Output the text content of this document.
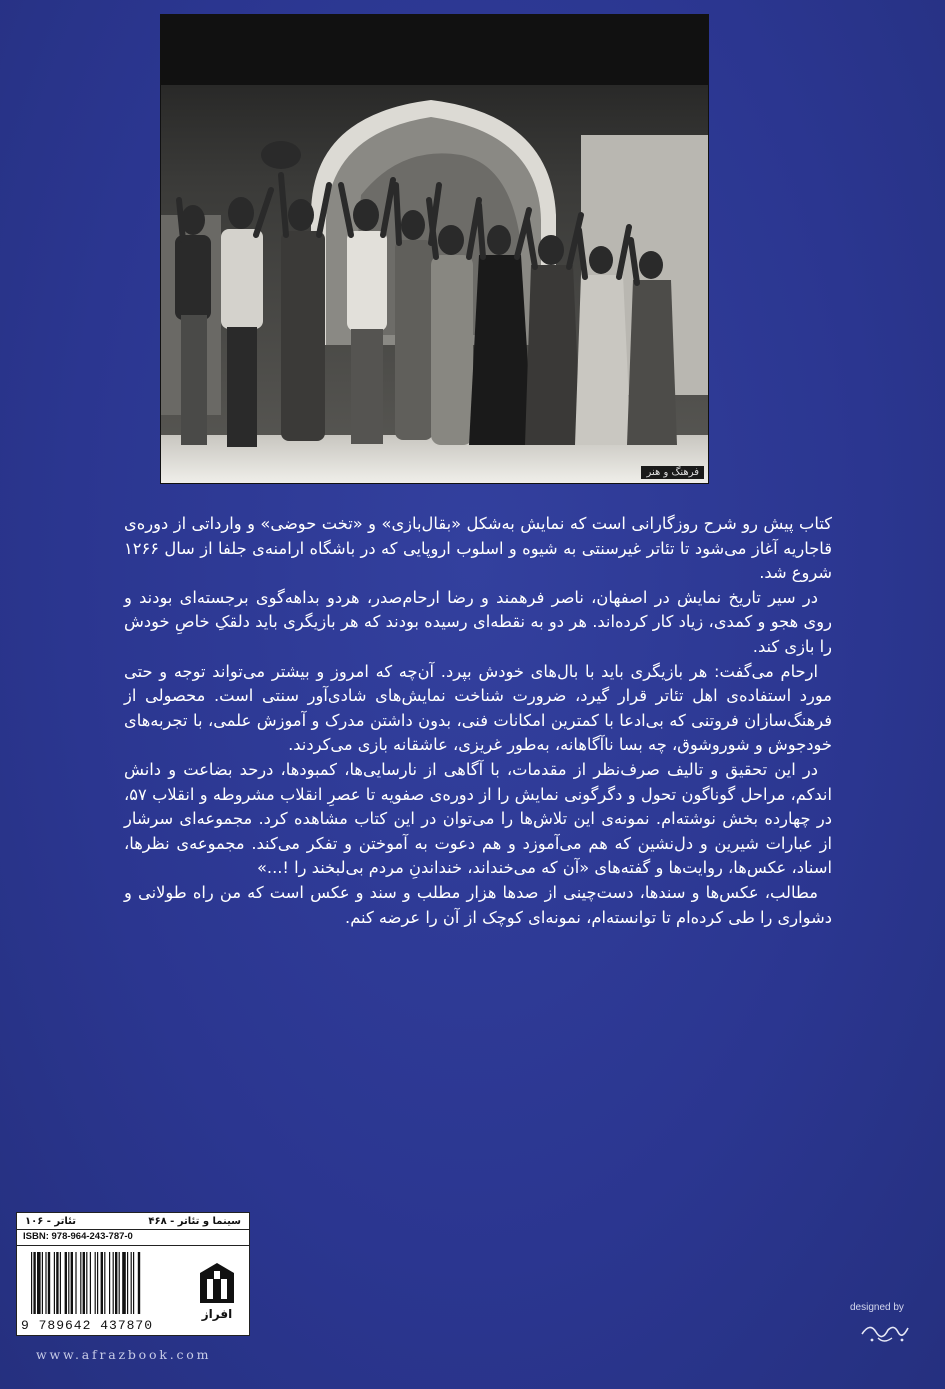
فرهنگ و هنر

کتاب پیش رو شرح روزگارانی است که نمایش به‌شکل «بقال‌بازی» و «تخت حوضی» و وارداتی از دوره‌ی قاجاریه آغاز می‌شود تا تئاتر غیرسنتی به شیوه و اسلوب اروپایی که در باشگاه ارامنه‌ی جلفا از سال ۱۲۶۶ شروع شد.

در سیر تاریخ نمایش در اصفهان، ناصر فرهمند و رضا ارحام‌صدر، هردو بداهه‌گوی برجسته‌ای بودند و روی هجو و کمدی، زیاد کار کرده‌اند. هر دو به نقطه‌ای رسیده بودند که هر بازیگری باید دلقکِ خاصِ خودش را بازی کند.

ارحام می‌گفت: هر بازیگری باید با بال‌های خودش بپرد. آن‌چه که امروز و بیشتر می‌تواند توجه و حتی مورد استفاده‌ی اهل تئاتر قرار گیرد، ضرورت شناخت نمایش‌های شادی‌آور سنتی است. محصولی از فرهنگ‌سازان فروتنی که بی‌ادعا با کمترین امکانات فنی، بدون داشتن مدرک و آموزش علمی، با تجربه‌های خودجوش و شوروشوق، چه بسا ناآگاهانه، به‌طور غریزی، عاشقانه بازی می‌کردند.

در این تحقیق و تالیف صرف‌نظر از مقدمات، با آگاهی از نارسایی‌ها، کمبودها، درحد بضاعت و دانش اندکم، مراحل گوناگون تحول و دگرگونی نمایش را از دوره‌ی صفویه تا عصرِ انقلاب مشروطه و انقلاب ۵۷، در چهارده بخش نوشته‌ام. نمونه‌ی این تلاش‌ها را می‌توان در این کتاب مشاهده کرد. مجموعه‌ای سرشار از عبارات شیرین و دل‌نشین که هم می‌آموزد و هم دعوت به آموختن و تفکر می‌کند. مجموعه‌ی نظرها، اسناد، عکس‌ها، روایت‌ها و گفته‌های «آن که می‌خنداند، خنداندنِ مردم بی‌لبخند را !...»

مطالب، عکس‌ها و سندها، دست‌چینی از صدها هزار مطلب و سند و عکس است که من راه طولانی و دشواری را طی کرده‌ام تا توانسته‌ام، نمونه‌ای کوچک از آن را عرضه کنم.

تئاتر - ۱۰۶	سینما و تئاتر - ۴۶۸
ISBN: 978-964-243-787-0
9 789642 437870
افراز
www.afrazbook.com
designed by
